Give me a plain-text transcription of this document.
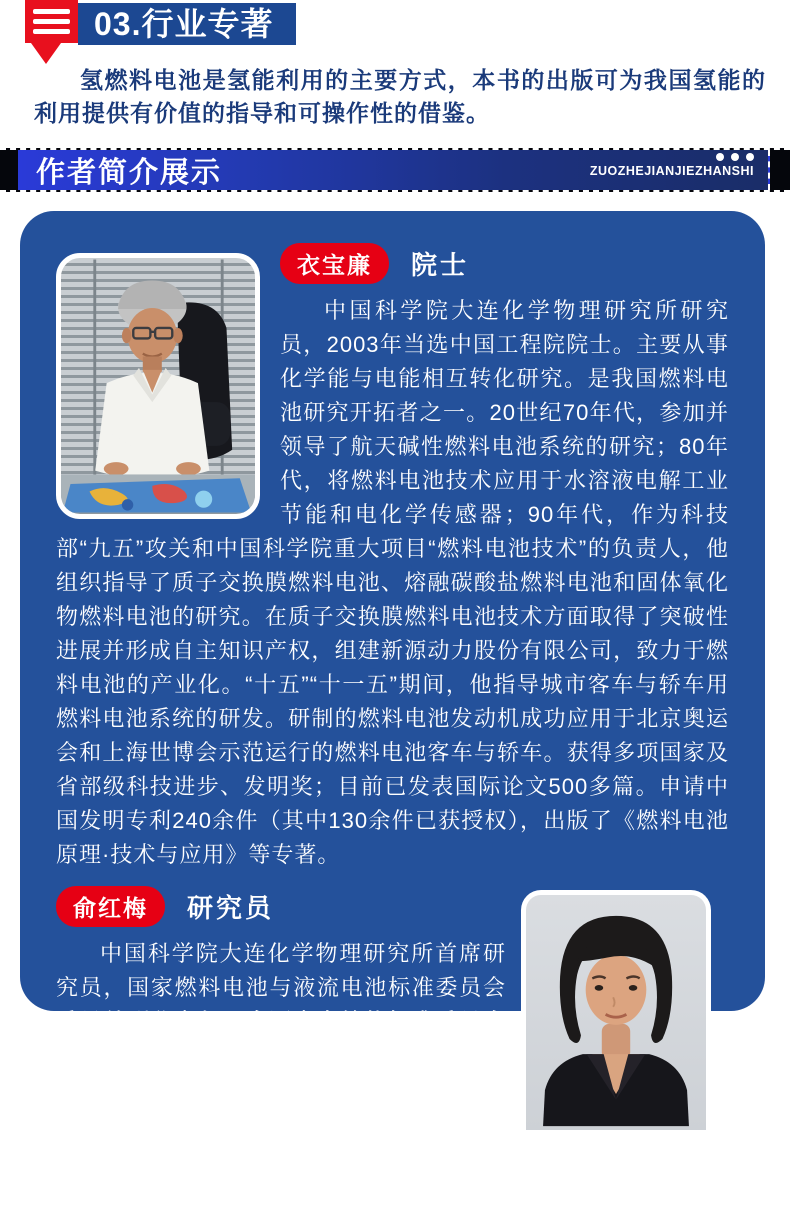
03.行业专著

氢燃料电池是氢能利用的主要方式，本书的出版可为我国氢能的利用提供有价值的指导和可操作性的借鉴。

作者简介展示	ZUOZHEJIANJIEZHANSHI
衣宝廉	院士

中国科学院大连化学物理研究所研究员，2003年当选中国工程院院士。主要从事化学能与电能相互转化研究。是我国燃料电池研究开拓者之一。20世纪70年代，参加并领导了航天碱性燃料电池系统的研究；80年代，将燃料电池技术应用于水溶液电解工业节能和电化学传感器；90年代，作为科技部“九五”攻关和中国科学院重大项目“燃料电池技术”的负责人，他组织指导了质子交换膜燃料电池、熔融碳酸盐燃料电池和固体氧化物燃料电池的研究。在质子交换膜燃料电池技术方面取得了突破性进展并形成自主知识产权，组建新源动力股份有限公司，致力于燃料电池的产业化。“十五”“十一五”期间，他指导城市客车与轿车用燃料电池系统的研发。研制的燃料电池发动机成功应用于北京奥运会和上海世博会示范运行的燃料电池客车与轿车。获得多项国家及省部级科技进步、发明奖；目前已发表国际论文500多篇。申请中国发明专利240余件（其中130余件已获授权），出版了《燃料电池原理·技术与应用》等专著。

俞红梅	研究员

中国科学院大连化学物理研究所首席研究员，国家燃料电池与液流电池标准委员会委员兼副秘书长，全国电力储能标准委员会委员，《电源技术》、《可再生能源》编委。主要研究方向为燃料电池和电解制氢。承担国家重点研发计划项目、国家自然基金联合基金重点项目、国家863课题、企业项目等。累计在国内外重要学术期刊上发表论文
